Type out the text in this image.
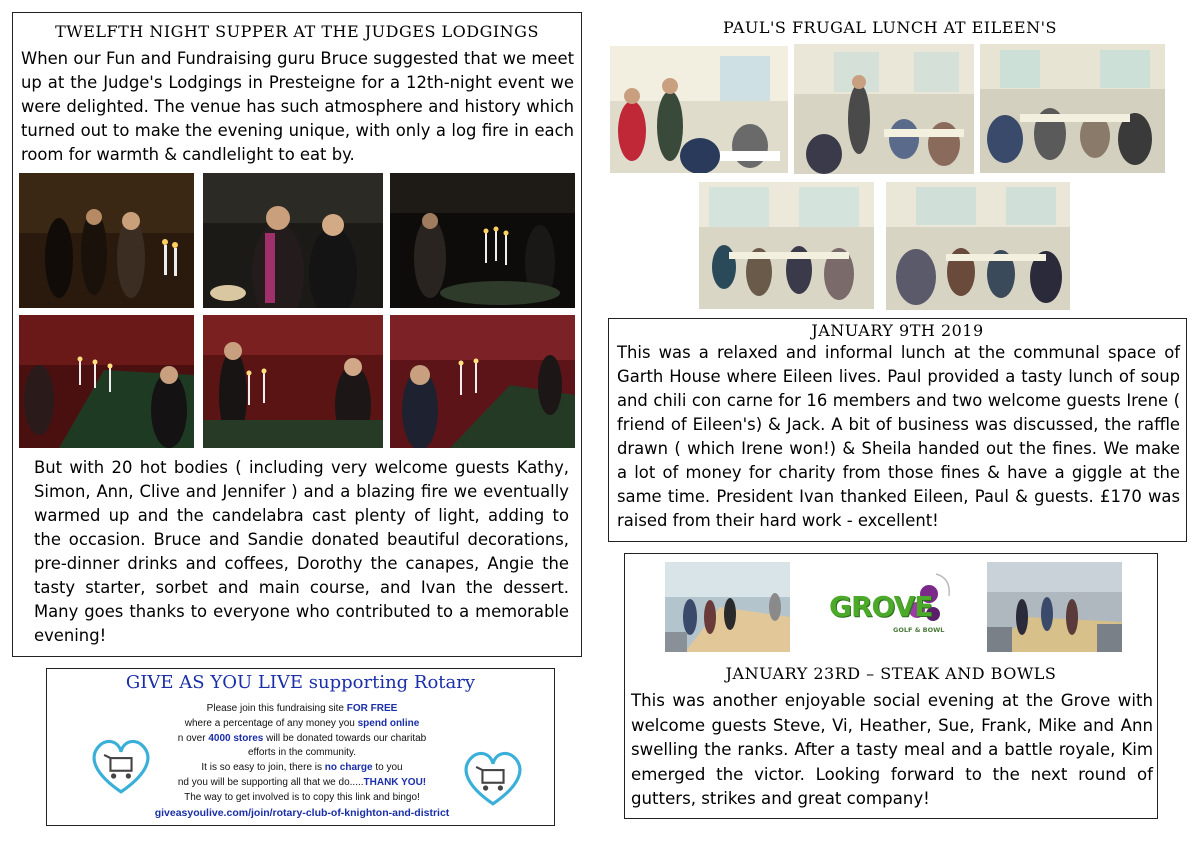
TWELFTH NIGHT SUPPER AT THE JUDGES LODGINGS
When our Fun and Fundraising guru Bruce suggested that we meet up at the Judge's Lodgings in Presteigne for a 12th-night event we were delighted. The venue has such atmosphere and history which turned out to make the evening unique, with only a log fire in each room for warmth & candlelight to eat by.
But with 20 hot bodies ( including very welcome guests Kathy, Simon, Ann, Clive and Jennifer ) and a blazing fire we eventually warmed up and the candelabra cast plenty of light, adding to the occasion. Bruce and Sandie donated beautiful decorations, pre-dinner drinks and coffees, Dorothy the canapes, Angie the tasty starter, sorbet and main course, and Ivan the dessert. Many goes thanks to everyone who contributed to a memorable evening!
GIVE AS YOU LIVE supporting Rotary
Please join this fundraising site FOR FREE
where a percentage of any money you spend online
n over 4000 stores will be donated towards our charitab
efforts in the community.
It is so easy to join, there is no charge to you
nd you will be supporting all that we do.....THANK YOU!
The way to get involved is to copy this link and bingo!
giveasyoulive.com/join/rotary-club-of-knighton-and-district
PAUL'S FRUGAL LUNCH AT EILEEN'S
JANUARY 9TH 2019
This was a relaxed and informal lunch at the communal space of Garth House where Eileen lives. Paul provided a tasty lunch of soup and chili con carne for 16 members and two welcome guests Irene ( friend of Eileen's) & Jack. A bit of business was discussed, the raffle drawn ( which Irene won!) & Sheila handed out the fines. We make a lot of money for charity from those fines & have a giggle at the same time. President Ivan thanked Eileen, Paul & guests. £170 was raised from their hard work - excellent!
GROVE
GOLF & BOWL
JANUARY 23RD – STEAK AND BOWLS
This was another enjoyable social evening at the Grove with welcome guests Steve, Vi, Heather, Sue, Frank, Mike and Ann swelling the ranks. After a tasty meal and a battle royale, Kim emerged the victor. Looking forward to the next round of gutters, strikes and great company!
